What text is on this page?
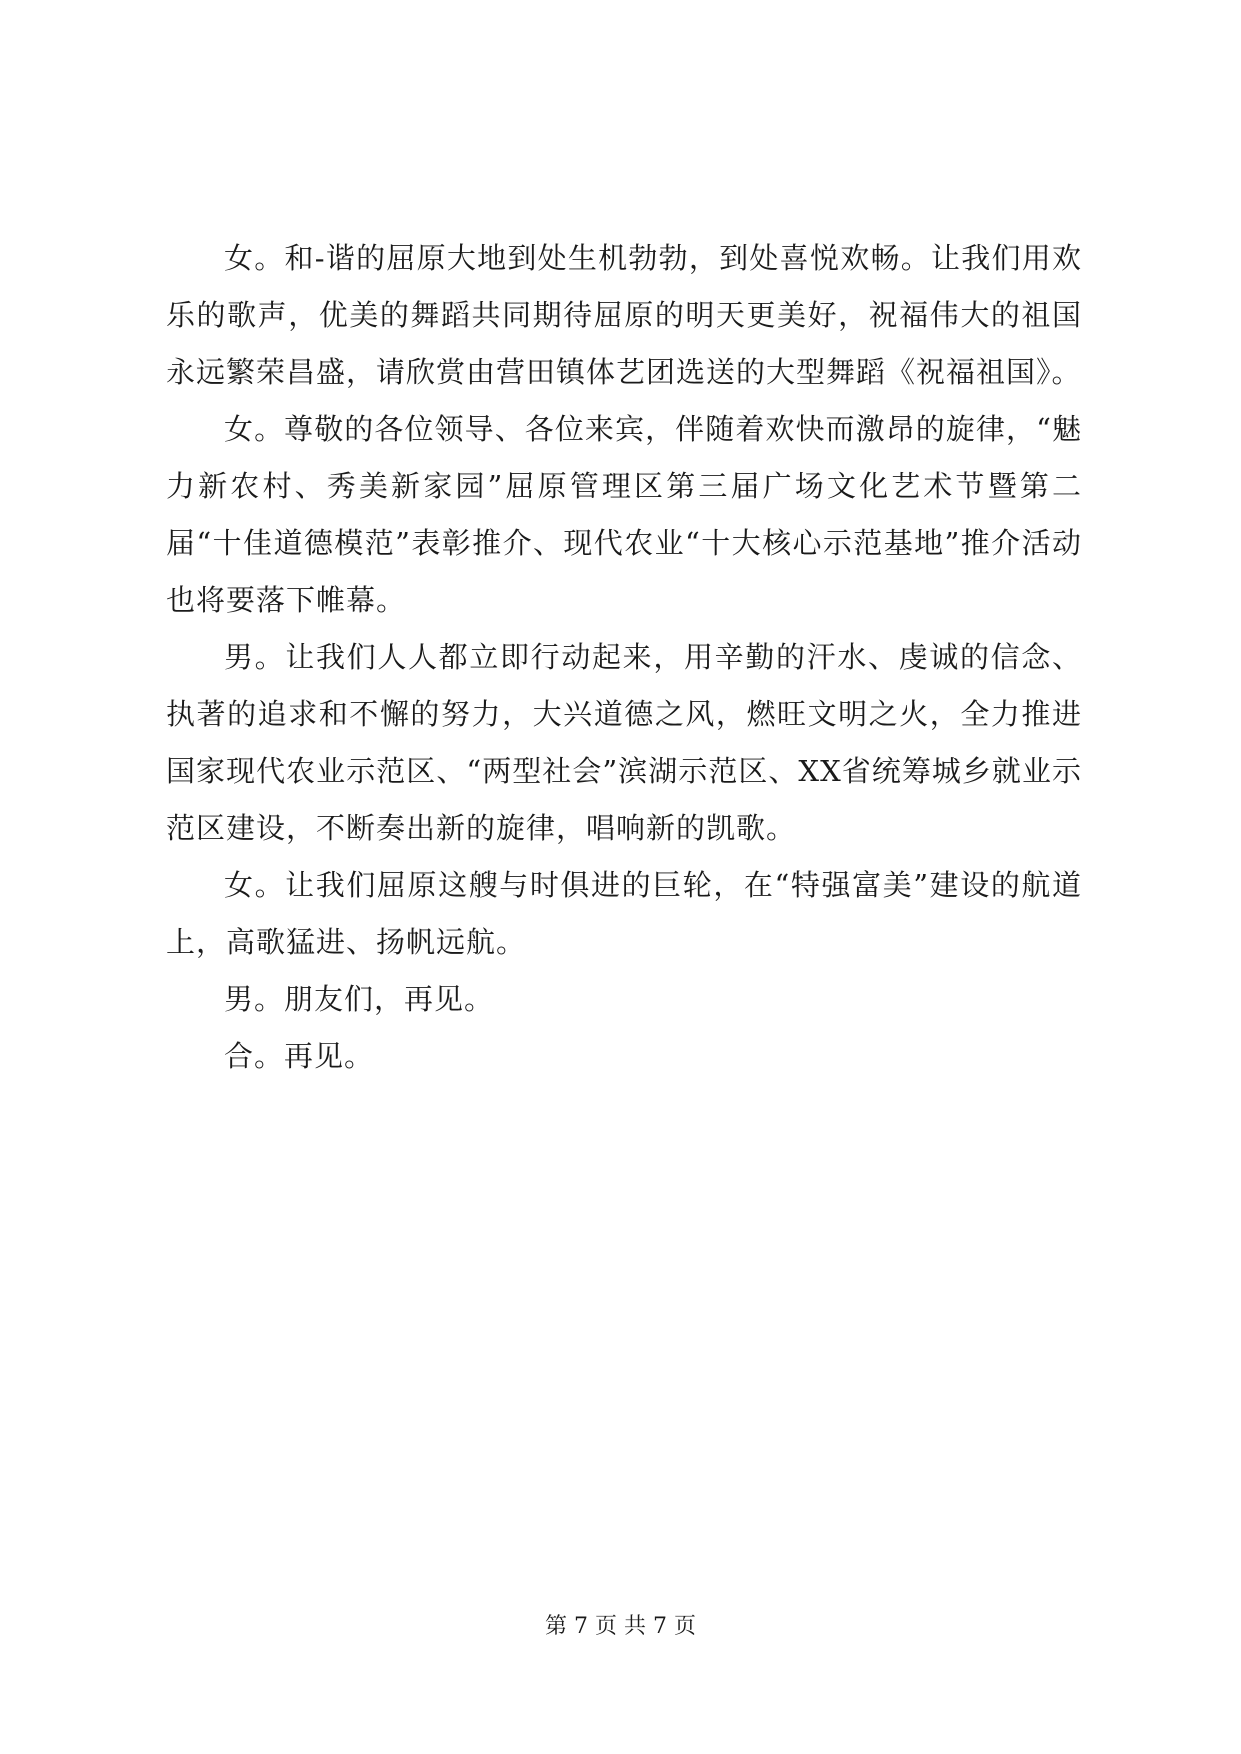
女。和-谐的屈原大地到处生机勃勃，到处喜悦欢畅。让我们用欢乐的歌声，优美的舞蹈共同期待屈原的明天更美好，祝福伟大的祖国永远繁荣昌盛，请欣赏由营田镇体艺团选送的大型舞蹈《祝福祖国》。

女。尊敬的各位领导、各位来宾，伴随着欢快而激昂的旋律，“魅力新农村、秀美新家园”屈原管理区第三届广场文化艺术节暨第二届“十佳道德模范”表彰推介、现代农业“十大核心示范基地”推介活动也将要落下帷幕。

男。让我们人人都立即行动起来，用辛勤的汗水、虔诚的信念、执著的追求和不懈的努力，大兴道德之风，燃旺文明之火，全力推进国家现代农业示范区、“两型社会”滨湖示范区、XX省统筹城乡就业示范区建设，不断奏出新的旋律，唱响新的凯歌。

女。让我们屈原这艘与时俱进的巨轮，在“特强富美”建设的航道上，高歌猛进、扬帆远航。

男。朋友们，再见。

合。再见。

第 7 页 共 7 页
